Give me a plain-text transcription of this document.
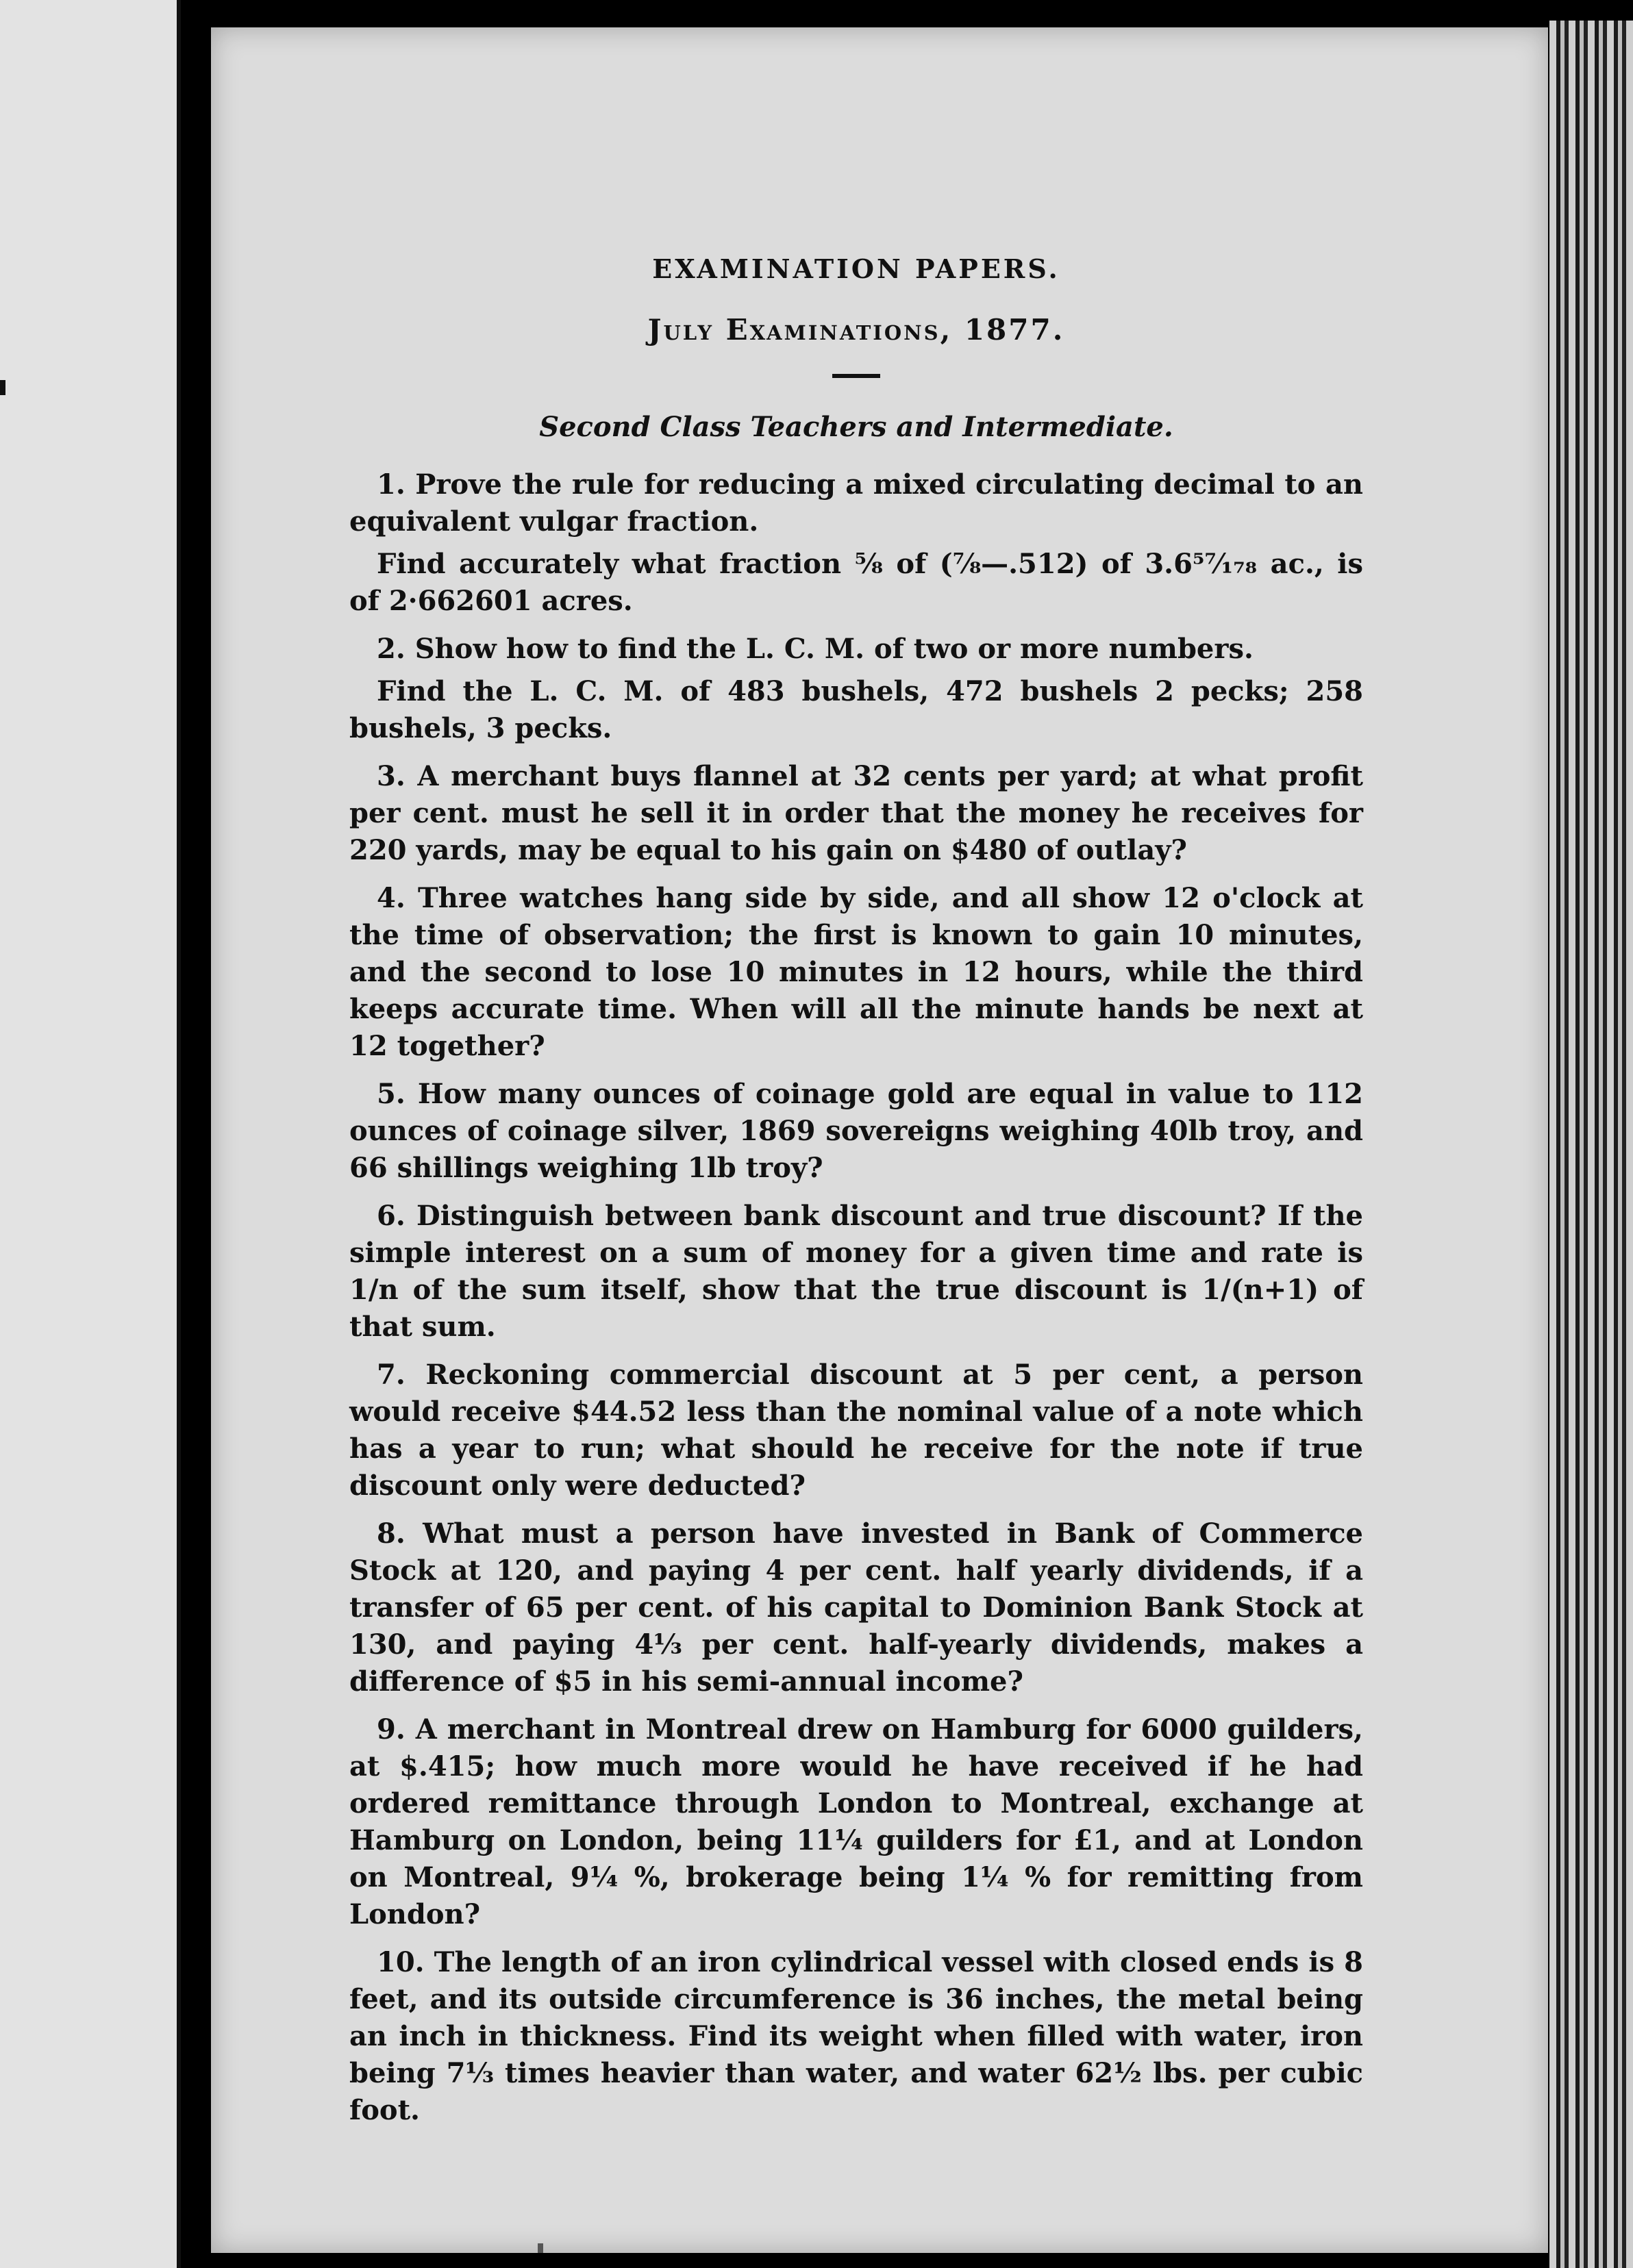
EXAMINATION PAPERS.

July Examinations, 1877.

Second Class Teachers and Intermediate.

1. Prove the rule for reducing a mixed circulating decimal to an equivalent vulgar fraction.

Find accurately what fraction ⅝ of (⅞—.512) of 3.6⁵⁷⁄₁₇₈ ac., is of 2·662601 acres.

2. Show how to find the L. C. M. of two or more numbers.

Find the L. C. M. of 483 bushels, 472 bushels 2 pecks; 258 bushels, 3 pecks.

3. A merchant buys flannel at 32 cents per yard; at what profit per cent. must he sell it in order that the money he receives for 220 yards, may be equal to his gain on $480 of outlay?

4. Three watches hang side by side, and all show 12 o'clock at the time of observation; the first is known to gain 10 minutes, and the second to lose 10 minutes in 12 hours, while the third keeps accurate time. When will all the minute hands be next at 12 together?

5. How many ounces of coinage gold are equal in value to 112 ounces of coinage silver, 1869 sovereigns weighing 40lb troy, and 66 shillings weighing 1lb troy?

6. Distinguish between bank discount and true discount? If the simple interest on a sum of money for a given time and rate is 1/n of the sum itself, show that the true discount is 1/(n+1) of that sum.

7. Reckoning commercial discount at 5 per cent, a person would receive $44.52 less than the nominal value of a note which has a year to run; what should he receive for the note if true discount only were deducted?

8. What must a person have invested in Bank of Commerce Stock at 120, and paying 4 per cent. half yearly dividends, if a transfer of 65 per cent. of his capital to Dominion Bank Stock at 130, and paying 4⅓ per cent. half-yearly dividends, makes a difference of $5 in his semi-annual income?

9. A merchant in Montreal drew on Hamburg for 6000 guilders, at $.415; how much more would he have received if he had ordered remittance through London to Montreal, exchange at Hamburg on London, being 11¼ guilders for £1, and at London on Montreal, 9¼ %, brokerage being 1¼ % for remitting from London?

10. The length of an iron cylindrical vessel with closed ends is 8 feet, and its outside circumference is 36 inches, the metal being an inch in thickness. Find its weight when filled with water, iron being 7⅓ times heavier than water, and water 62½ lbs. per cubic foot.
